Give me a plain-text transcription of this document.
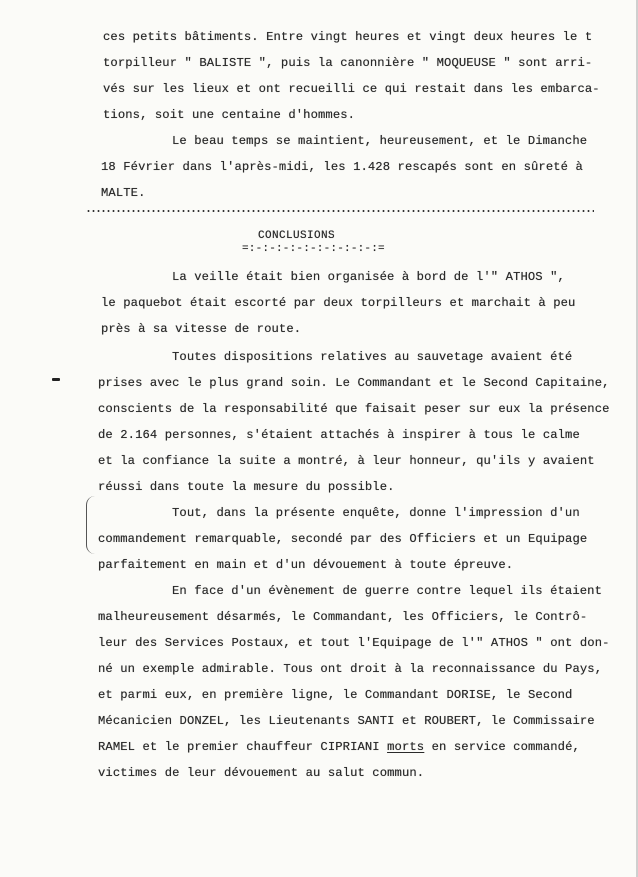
ces petits bâtiments. Entre vingt heures et vingt deux heures le t
torpilleur " BALISTE ", puis la canonnière " MOQUEUSE " sont arri-
vés sur les lieux et ont recueilli ce qui restait dans les embarca-
tions, soit une centaine d'hommes.
Le beau temps se maintient, heureusement, et le Dimanche
18 Février dans l'après-midi, les 1.428 rescapés sont en sûreté à
MALTE.
CONCLUSIONS
=:-:-:-:-:-:-:-:-:-:=
La veille était bien organisée à bord de l'" ATHOS ",
le paquebot était escorté par deux torpilleurs et marchait à peu
près à sa vitesse de route.
Toutes dispositions relatives au sauvetage avaient été
prises avec le plus grand soin. Le Commandant et le Second Capitaine,
conscients de la responsabilité que faisait peser sur eux la présence
de 2.164 personnes, s'étaient attachés à inspirer à tous le calme
et la confiance la suite a montré, à leur honneur, qu'ils y avaient
réussi dans toute la mesure du possible.
Tout, dans la présente enquête, donne l'impression d'un
commandement remarquable, secondé par des Officiers et un Equipage
parfaitement en main et d'un dévouement à toute épreuve.
En face d'un évènement de guerre contre lequel ils étaient
malheureusement désarmés, le Commandant, les Officiers, le Contrô-
leur des Services Postaux, et tout l'Equipage de l'" ATHOS " ont don-
né un exemple admirable. Tous ont droit à la reconnaissance du Pays,
et parmi eux, en première ligne, le Commandant DORISE, le Second
Mécanicien DONZEL, les Lieutenants SANTI et ROUBERT, le Commissaire
RAMEL et le premier chauffeur CIPRIANI morts en service commandé,
victimes de leur dévouement au salut commun.
